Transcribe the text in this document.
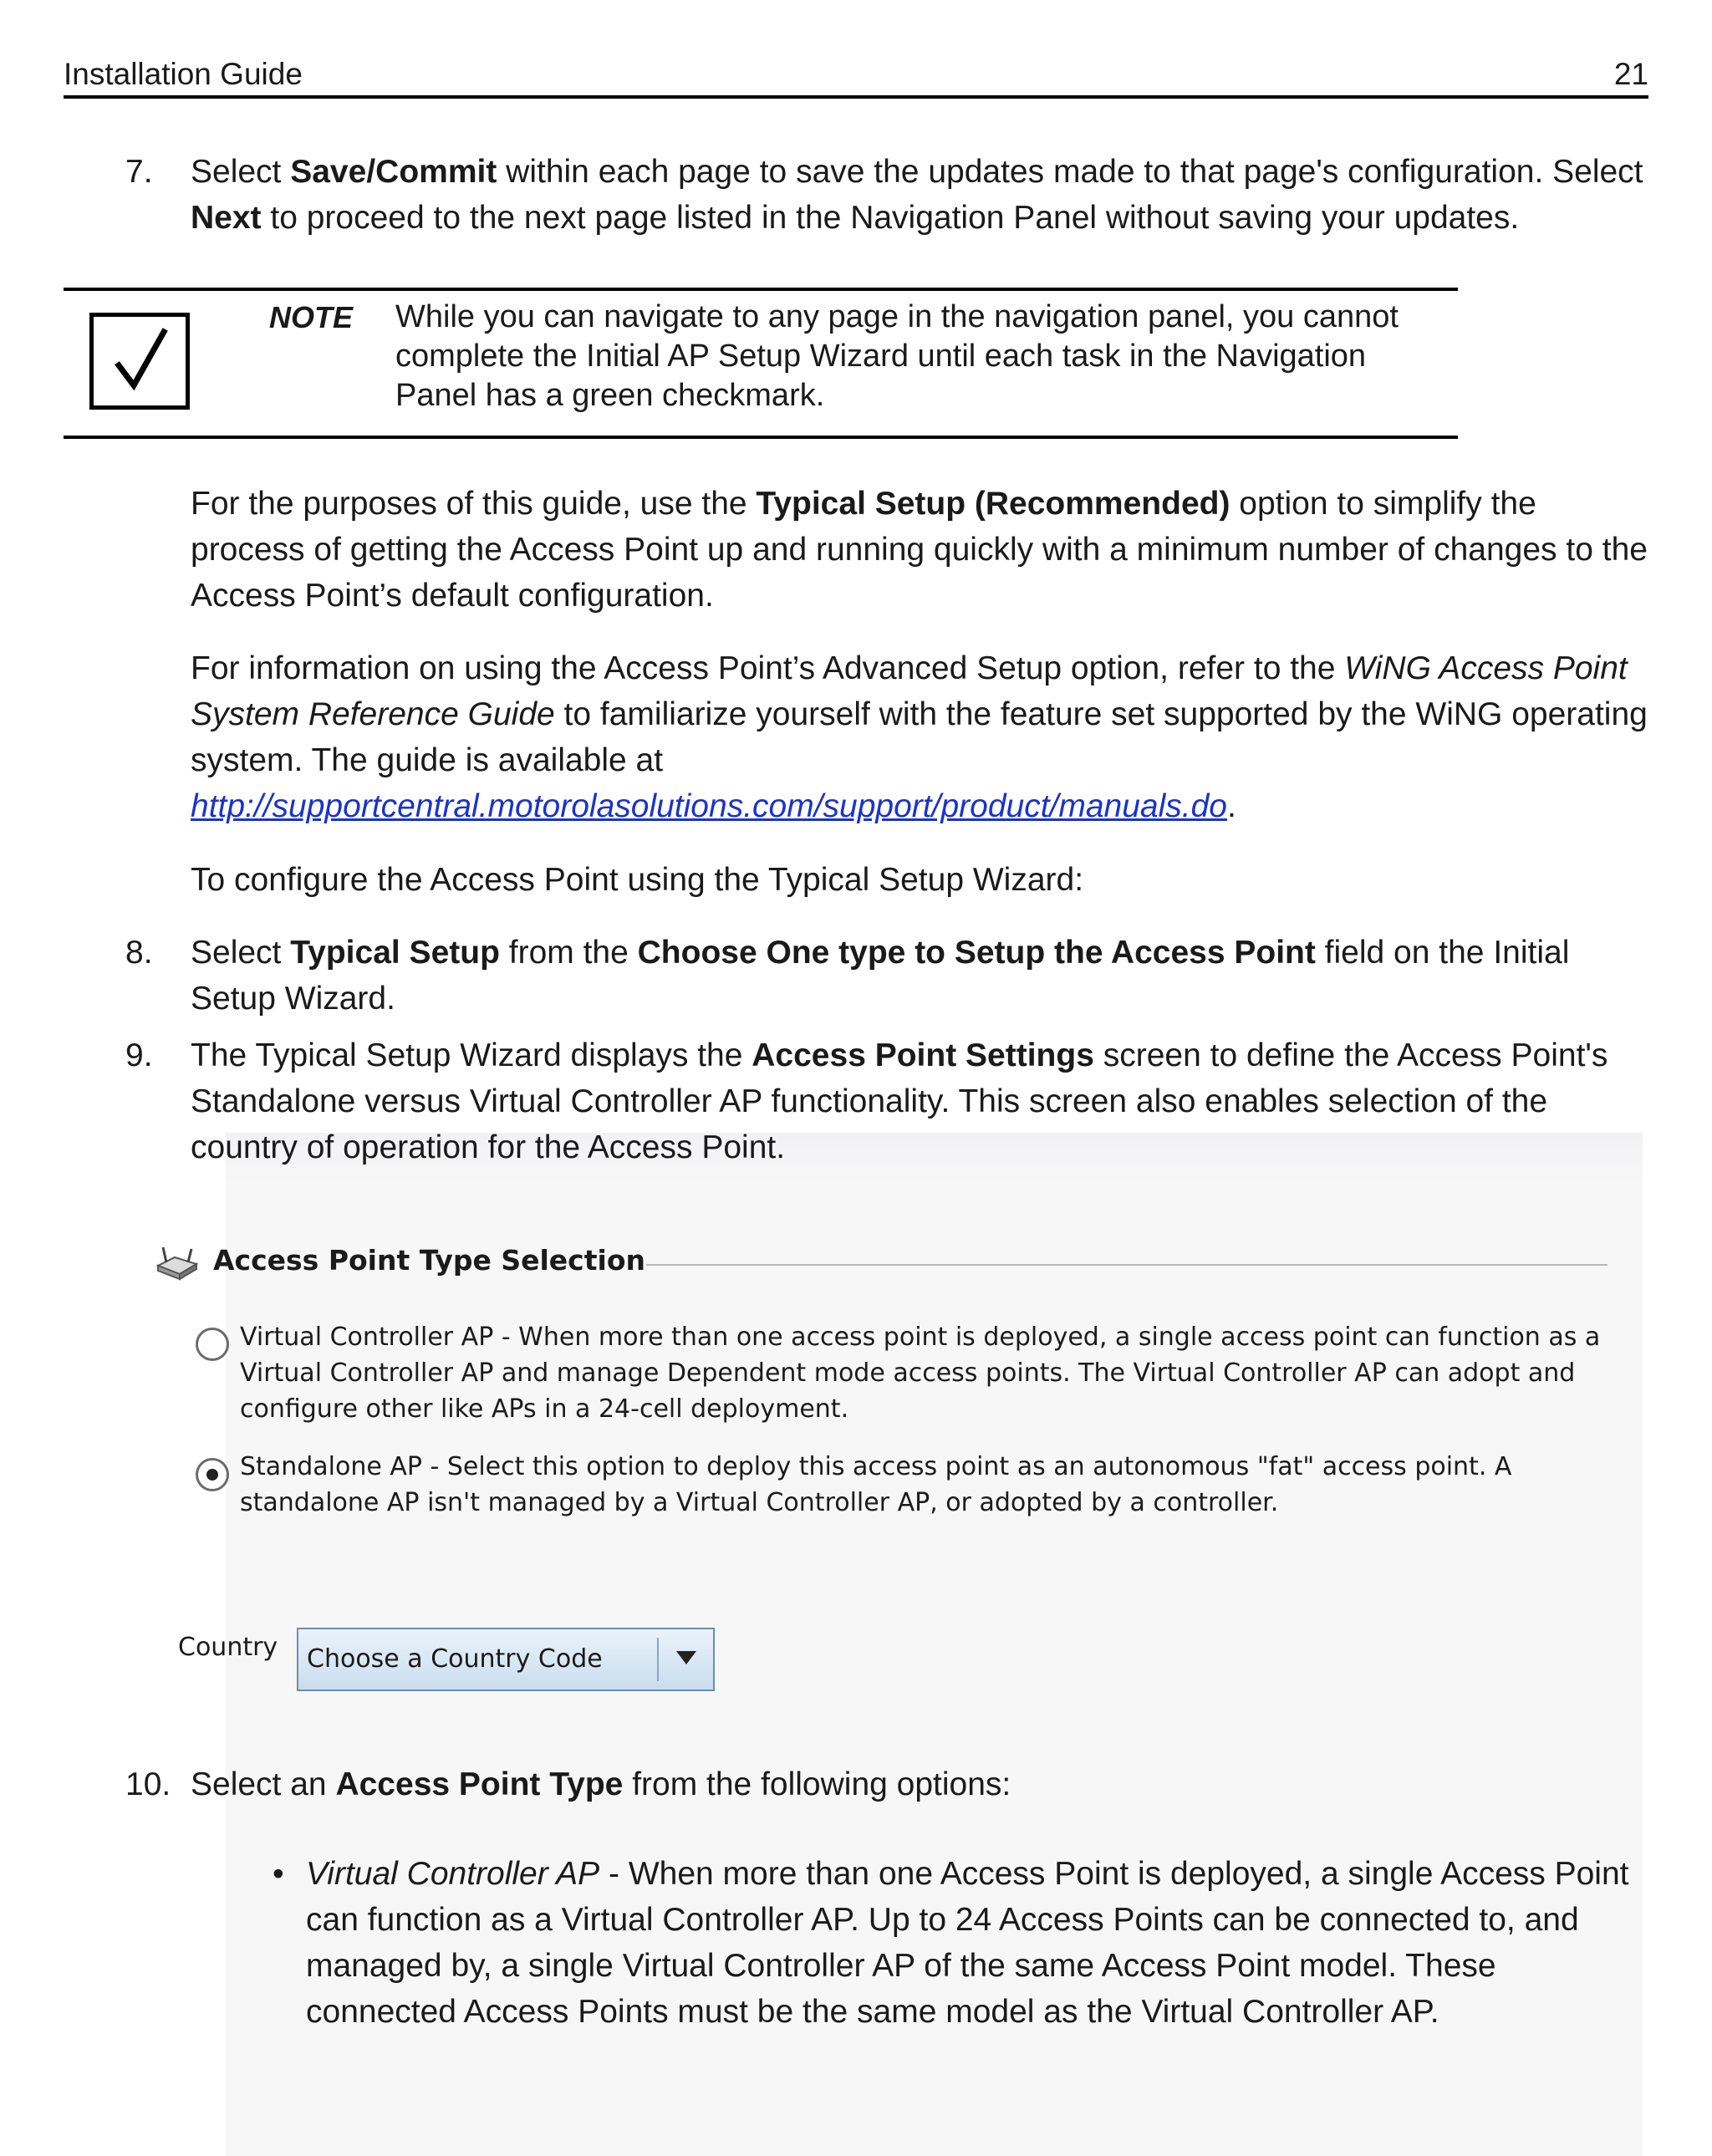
Installation Guide	21
7. Select Save/Commit within each page to save the updates made to that page's configuration. Select
Next to proceed to the next page listed in the Navigation Panel without saving your updates.
NOTE While you can navigate to any page in the navigation panel, you cannot complete the Initial AP Setup Wizard until each task in the Navigation Panel has a green checkmark.
For the purposes of this guide, use the Typical Setup (Recommended) option to simplify the process of getting the Access Point up and running quickly with a minimum number of changes to the Access Point’s default configuration.
For information on using the Access Point’s Advanced Setup option, refer to the WiNG Access Point System Reference Guide to familiarize yourself with the feature set supported by the WiNG operating system. The guide is available at
http://supportcentral.motorolasolutions.com/support/product/manuals.do.
To configure the Access Point using the Typical Setup Wizard:
8. Select Typical Setup from the Choose One type to Setup the Access Point field on the Initial Setup Wizard.
9. The Typical Setup Wizard displays the Access Point Settings screen to define the Access Point's Standalone versus Virtual Controller AP functionality. This screen also enables selection of the country of operation for the Access Point.
Access Point Type Selection
Virtual Controller AP - When more than one access point is deployed, a single access point can function as a
Virtual Controller AP and manage Dependent mode access points. The Virtual Controller AP can adopt and
configure other like APs in a 24-cell deployment.
Standalone AP - Select this option to deploy this access point as an autonomous "fat" access point. A
standalone AP isn't managed by a Virtual Controller AP, or adopted by a controller.
Country Choose a Country Code
10. Select an Access Point Type from the following options:
• Virtual Controller AP - When more than one Access Point is deployed, a single Access Point can function as a Virtual Controller AP. Up to 24 Access Points can be connected to, and managed by, a single Virtual Controller AP of the same Access Point model. These connected Access Points must be the same model as the Virtual Controller AP.
